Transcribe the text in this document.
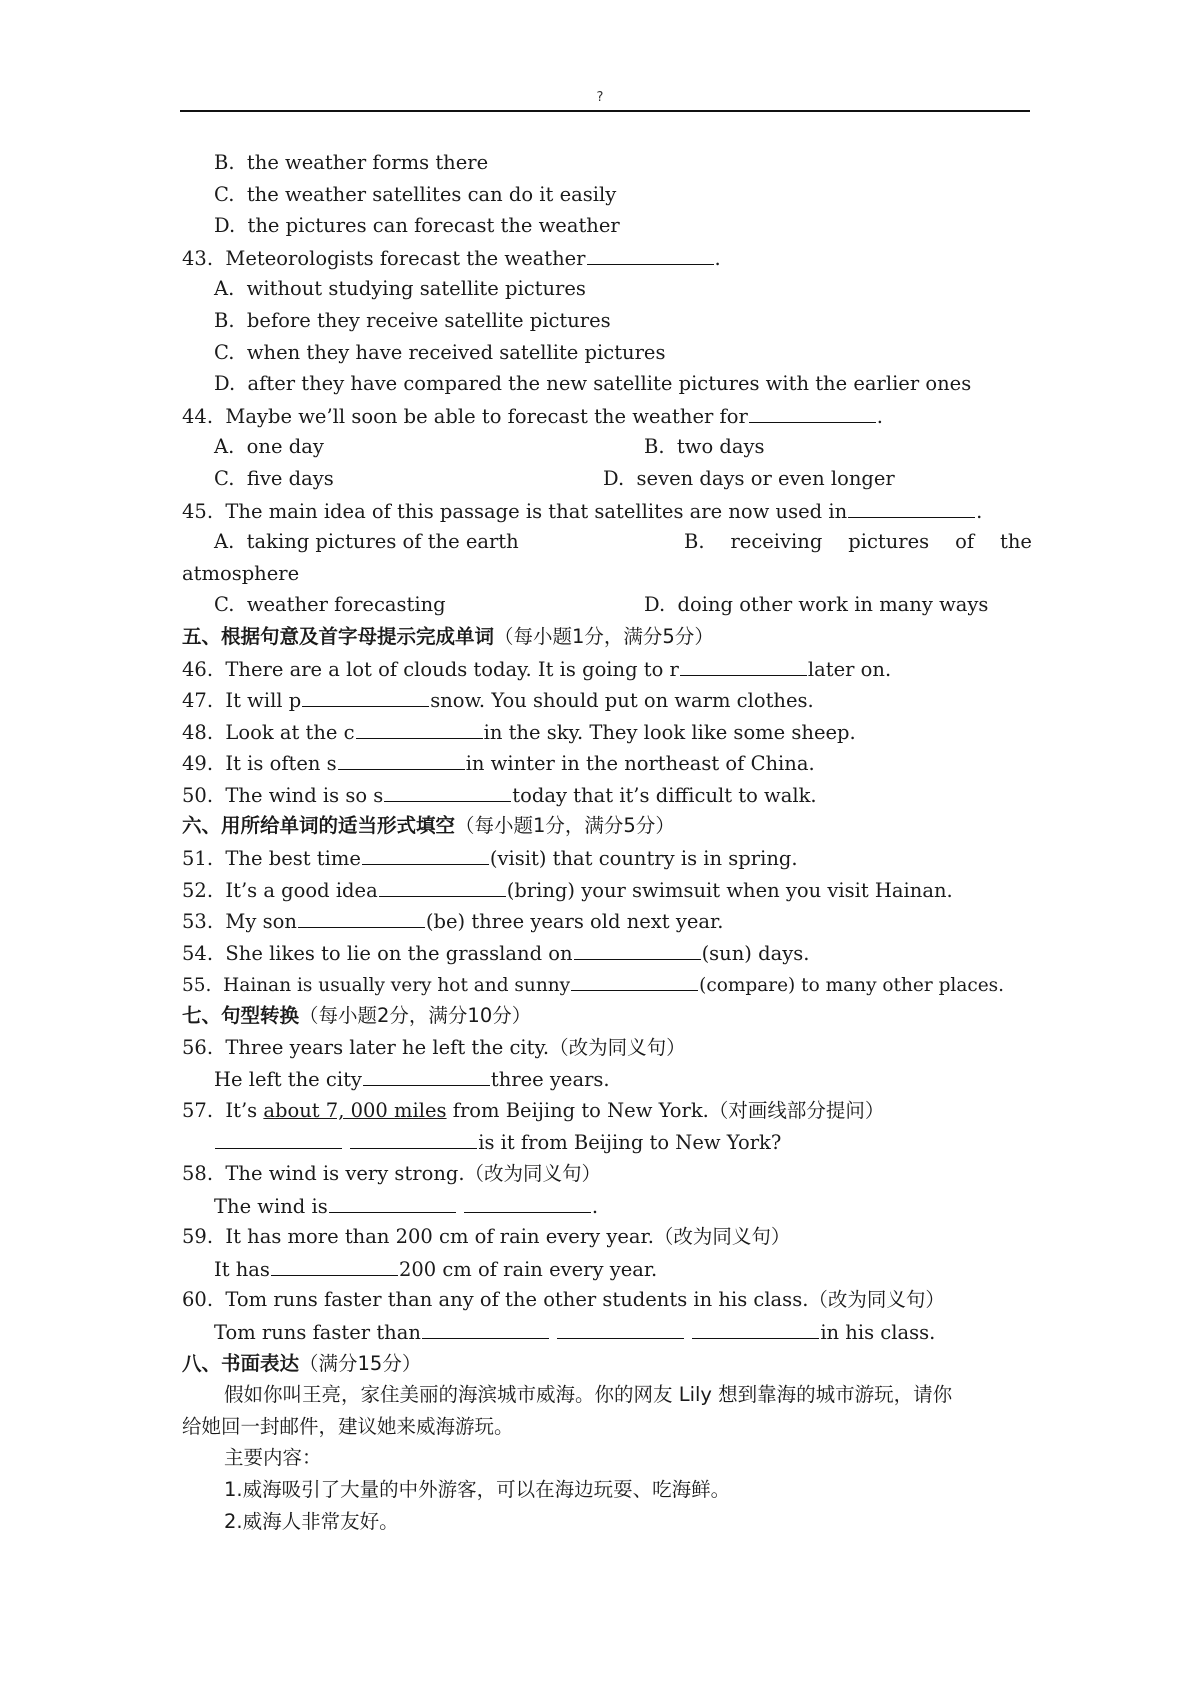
?
B.  the weather forms there
C.  the weather satellites can do it easily
D.  the pictures can forecast the weather
43.  Meteorologists forecast the weather	.
A.  without studying satellite pictures
B.  before they receive satellite pictures
C.  when they have received satellite pictures
D.  after they have compared the new satellite pictures with the earlier ones
44.  Maybe we’ll soon be able to forecast the weather for	.
A.  one day	B.  two days
C.  five days	D.  seven days or even longer
45.  The main idea of this passage is that satellites are now used in	.
A.  taking pictures of the earth	B. receiving pictures of the
atmosphere
C.  weather forecasting	D.  doing other work in many ways
五、根据句意及首字母提示完成单词（每小题1分，满分5分）
46.  There are a lot of clouds today. It is going to r	later on.
47.  It will p	snow. You should put on warm clothes.
48.  Look at the c	in the sky. They look like some sheep.
49.  It is often s	in winter in the northeast of China.
50.  The wind is so s	today that it’s difficult to walk.
六、用所给单词的适当形式填空（每小题1分，满分5分）
51.  The best time	(visit) that country is in spring.
52.  It’s a good idea	(bring) your swimsuit when you visit Hainan.
53.  My son	(be) three years old next year.
54.  She likes to lie on the grassland on	(sun) days.
55.  Hainan is usually very hot and sunny	(compare) to many other places.
七、句型转换（每小题2分，满分10分）
56.  Three years later he left the city.（改为同义句）
He left the city	three years.
57.  It’s about 7, 000 miles from Beijing to New York.（对画线部分提问）
is it from Beijing to New York?
58.  The wind is very strong.（改为同义句）
The wind is	.
59.  It has more than 200 cm of rain every year.（改为同义句）
It has	200 cm of rain every year.
60.  Tom runs faster than any of the other students in his class.（改为同义句）
Tom runs faster than	in his class.
八、书面表达（满分15分）
假如你叫王亮，家住美丽的海滨城市威海。你的网友 Lily 想到靠海的城市游玩，请你
给她回一封邮件，建议她来威海游玩。
主要内容：
1.威海吸引了大量的中外游客，可以在海边玩耍、吃海鲜。
2.威海人非常友好。
